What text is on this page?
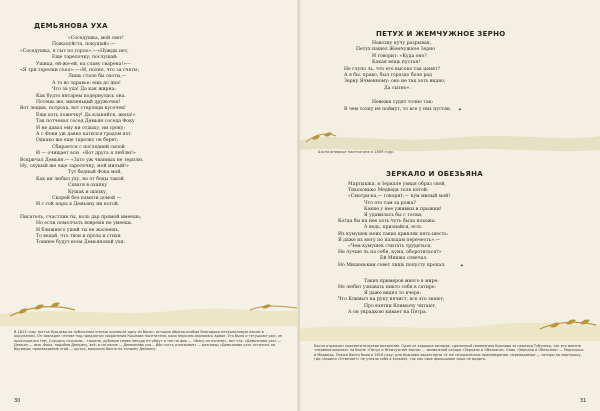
ДЕМЬЯНОВА УХА
В 1813 году третья Крылова на публичном чтении пронесла одну из басен; история обрела особые благодаря нетерпеливую неким в окружении. Он завладел чтение под предлогом сохранения Крылова посетителя, коих впрочем оказалась вдвое. Его было и тетушкам уже, он прислушался тем, Слушать слушали... тишине, дубовые слова никуда не уйдут и так на фок — «Фоку он ногами», вот что: «Демьянова уха» — Демьян — имя. Фока, подобно Демьяну, всё, в согласие — Демьянова уха... Ибо гость отказывает — разговор «Демьянова уха» остались на бытовую; произведение этой — шутка, вопросик басни по хозяину Демьяну.
30
«Соседушка, мой свет!
Пожалуйста, покушай».—
«Соседушка, я сыт по горло».—«Нужды нет,
Еще тарелочку; послушай:
Ушица, ей-же-ей, на славу сварена!»—
«Я три тарелки съел».—«И, полно, что за счеты;
Лишь стало бы охоты,—
А то во здравье: ешь до дна!
Что за уха! Да как жирна:
Как будто янтарем подернулась она.
Потешь же, миленький дружочек!
Вот лещик, потроха, вот стерляди кусочек!
Еще хоть ложечку! Да кланяйся, жена!»
Так потчевал сосед Демьян соседа Фоку
И не давал ему ни отдыху, ни сроку;
А с Фоки уж давно катился градом пот.
Однако же еще тарелку он берет,
Сбирается с последней силой
И — очищает всю. «Вот друга я люблю!»
Вскричал Демьян.— «Зато уж чванных не терплю.
Ну, скушай же еще тарелочку, мой милый!»
Тут бедный Фока мой,
Как ни любил уху, но от беды такой,
Схватя в охапку
Кушак и шапку,
Скорей без памяти домой —
И с той поры к Демьяну ни ногой.
Писатель, счастлив ты, коль дар прямой имеешь;
Но если помолчать вовремя не умеешь
И ближнего ушей ты не жалеешь,
То ведай, что твои и проза и стихи
Тошнее будут всем Демьяновой ухи.
ПЕТУХ И ЖЕМЧУЖНОЕ ЗЕРНО
✦
Басня впервые напечатана в 1809 году.
ЗЕРКАЛО И ОБЕЗЬЯНА
✦
Басня отражает просветительское воззрение. Один из хороших авторов, сделанный появлению Крылова за переход Тубулеко, так его вполне «первоначальная» на басне «Петух и Жемчужное зерно» ... возможной сатире «Зеркало и Обезьяна». Сама «Зеркало и Обезьяна» — Мартышка и Медведь. Позже басня была в 1816 году; для Крылова характерны те же сатирические произведения, переводимые — сатиры на мартышку, где героиня «Отвечает» не узнала себя в зеркале, так как свое фальшивое лицо не видать.
31
Навозну кучу разрывая,
Петух нашел Жемчужное Зерно
И говорит: «Куда оно?
Какая вещь пустая!
Не глупо ль, что его высоко так ценят?
А я бы, право, был гораздо боле рад
Зерну Ячменному: оно не так хоть видно,
Да сытно».
Невежи судят точно так:
В чем толку не поймут, то все у них пустяк.
Мартышка, в Зеркале увидя образ свой,
Тихохонько Медведя толк ногой:
«Смотри-ка,— говорит,— кум милый мой!
Что это там за рожа?
Какие у нее ужимки и прыжки!
Я удавилась бы с тоски,
Когда бы на нее хоть чуть была похожа.
А ведь, признайся, есть
Из кумушек моих таких кривляк пять-шесть:
Я даже их могу по пальцам перечесть».—
«Чем кумушек считать трудиться,
Не лучше ль на себя, кума, оборотиться?»
Ей Мишка отвечал.
Но Мишенькин совет лишь попусту пропал.
Таких примеров много в мире:
Не любит узнавать никто себя в сатире.
Я даже видел то вчера:
Что Климыч на руку нечист, все это знают;
Про взятки Климычу читают,
А он украдкою кивает на Петра.
